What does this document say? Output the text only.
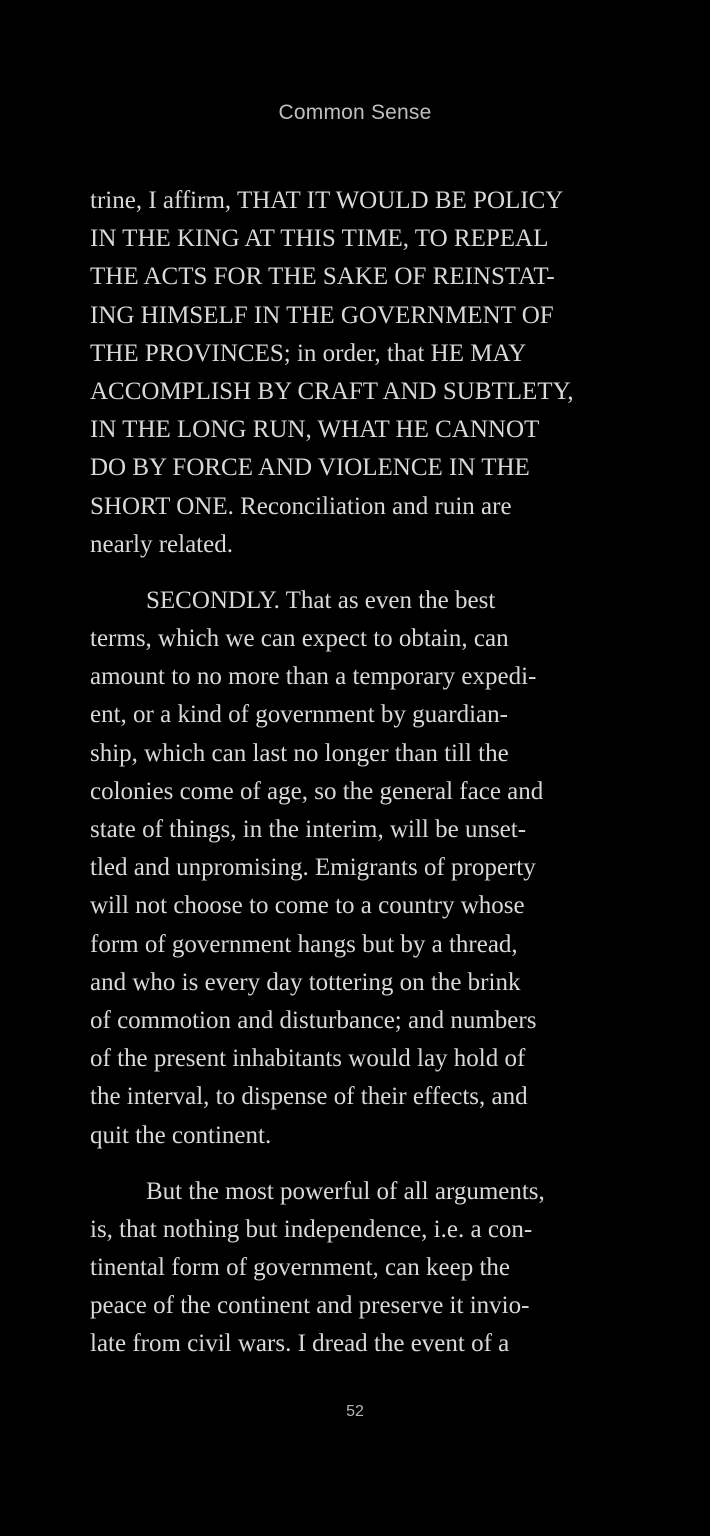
Common Sense
trine, I affirm, THAT IT WOULD BE POLICY
IN THE KING AT THIS TIME, TO REPEAL
THE ACTS FOR THE SAKE OF REINSTAT-
ING HIMSELF IN THE GOVERNMENT OF
THE PROVINCES; in order, that HE MAY
ACCOMPLISH BY CRAFT AND SUBTLETY,
IN THE LONG RUN, WHAT HE CANNOT
DO BY FORCE AND VIOLENCE IN THE
SHORT ONE. Reconciliation and ruin are
nearly related.
SECONDLY. That as even the best
terms, which we can expect to obtain, can
amount to no more than a temporary expedi-
ent, or a kind of government by guardian-
ship, which can last no longer than till the
colonies come of age, so the general face and
state of things, in the interim, will be unset-
tled and unpromising. Emigrants of property
will not choose to come to a country whose
form of government hangs but by a thread,
and who is every day tottering on the brink
of commotion and disturbance; and numbers
of the present inhabitants would lay hold of
the interval, to dispense of their effects, and
quit the continent.
But the most powerful of all arguments,
is, that nothing but independence, i.e. a con-
tinental form of government, can keep the
peace of the continent and preserve it invio-
late from civil wars. I dread the event of a
52
